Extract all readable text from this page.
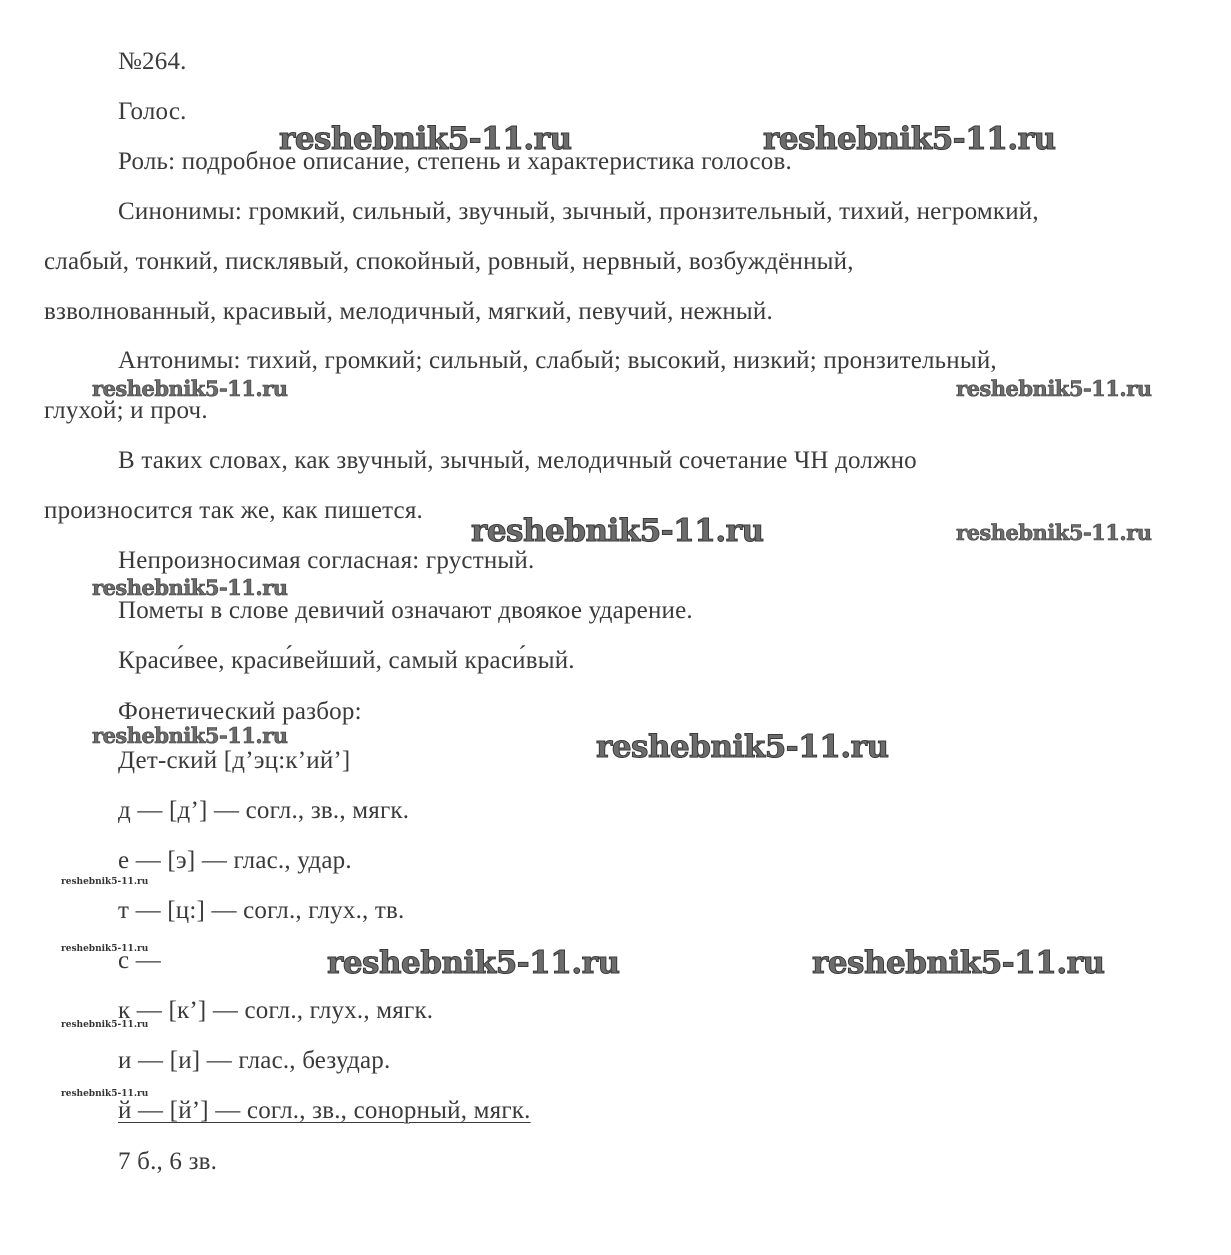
№264.
Голос.
Роль: подробное описание, степень и характеристика голосов.
Синонимы: громкий, сильный, звучный, зычный, пронзительный, тихий, негромкий,
слабый, тонкий, писклявый, спокойный, ровный, нервный, возбуждённый,
взволнованный, красивый, мелодичный, мягкий, певучий, нежный.
Антонимы: тихий, громкий; сильный, слабый; высокий, низкий; пронзительный,
глухой; и проч.
В таких словах, как звучный, зычный, мелодичный сочетание ЧН должно
произносится так же, как пишется.
Непроизносимая согласная: грустный.
Пометы в слове девичий означают двоякое ударение.
Краси́вее, краси́вейший, самый краси́вый.
Фонетический разбор:
Дет-ский [д’эц:к’ий’]
д — [д’] — согл., зв., мягк.
е — [э] — глас., удар.
т — [ц:] — согл., глух., тв.
с —
к — [к’] — согл., глух., мягк.
и — [и] — глас., безудар.
й — [й’] — согл., зв., сонорный, мягк.
7 б., 6 зв.
reshebnik5-11.ru	reshebnik5-11.ru
reshebnik5-11.ru	reshebnik5-11.ru
reshebnik5-11.ru	reshebnik5-11.ru
reshebnik5-11.ru
reshebnik5-11.ru	reshebnik5-11.ru
reshebnik5-11.ru
reshebnik5-11.ru	reshebnik5-11.ru	reshebnik5-11.ru
reshebnik5-11.ru
reshebnik5-11.ru
